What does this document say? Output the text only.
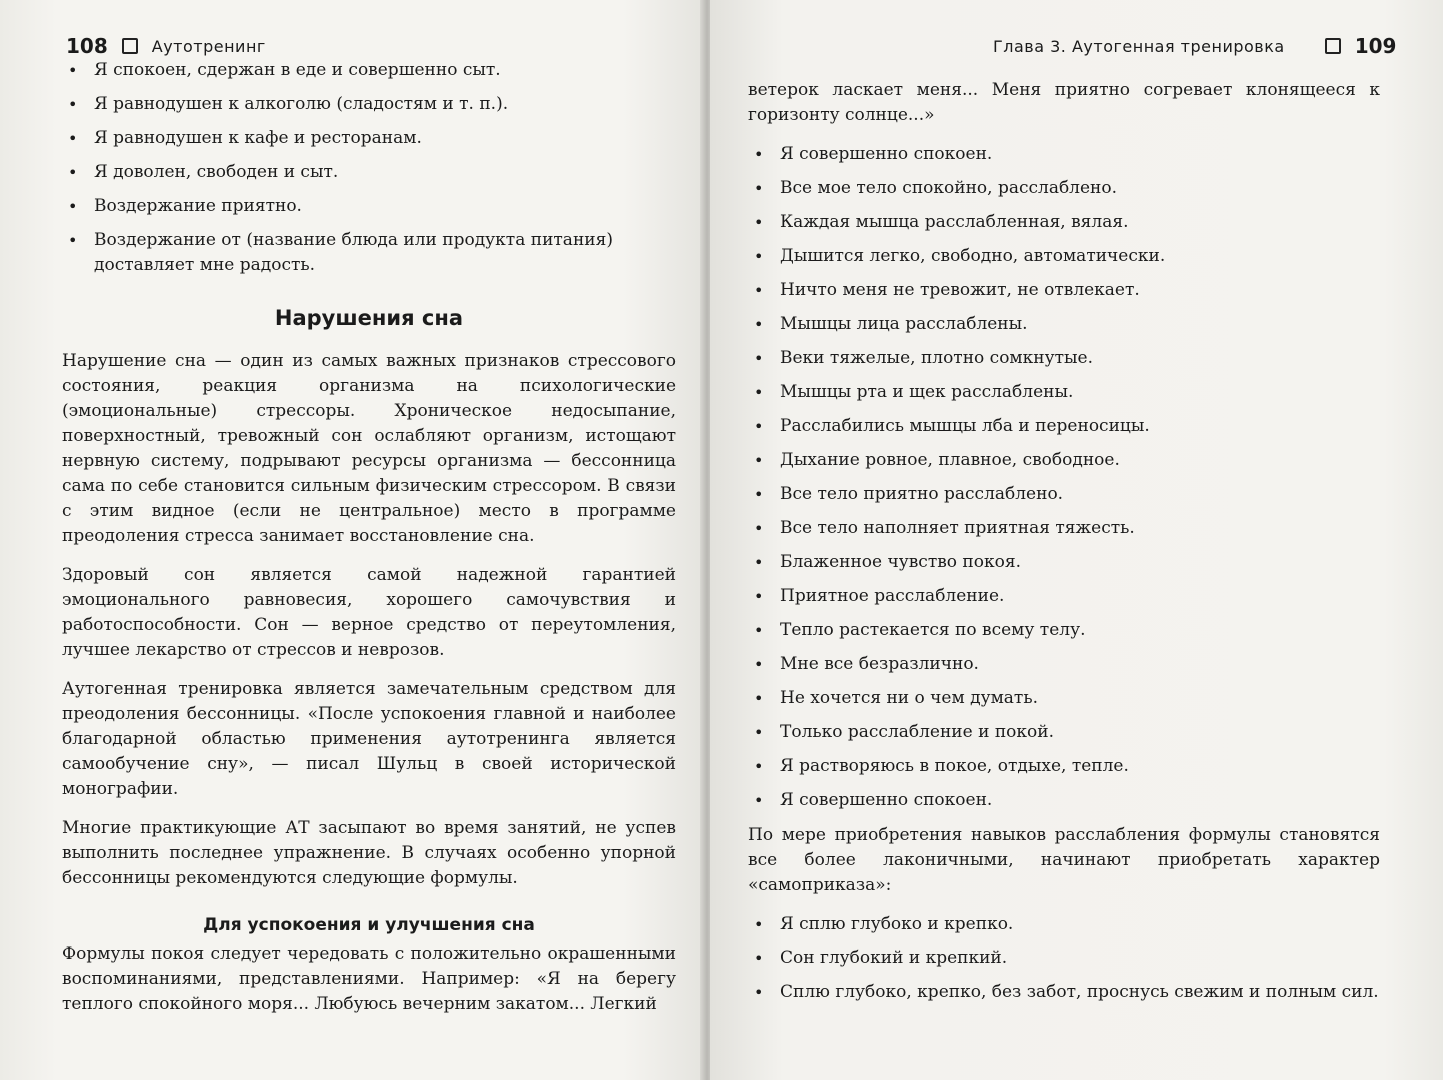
108	Аутотренинг
• Я спокоен, сдержан в еде и совершенно сыт.
• Я равнодушен к алкоголю (сладостям и т. п.).
• Я равнодушен к кафе и ресторанам.
• Я доволен, свободен и сыт.
• Воздержание приятно.
• Воздержание от (название блюда или продукта питания) доставляет мне радость.
Нарушения сна

Нарушение сна — один из самых важных признаков стрессового состояния, реакция организма на психологические (эмоциональные) стрессоры. Хроническое недосыпание, поверхностный, тревожный сон ослабляют организм, истощают нервную систему, подрывают ресурсы организма — бессонница сама по себе становится сильным физическим стрессором. В связи с этим видное (если не центральное) место в программе преодоления стресса занимает восстановление сна.

Здоровый сон является самой надежной гарантией эмоционального равновесия, хорошего самочувствия и работоспособности. Сон — верное средство от переутомления, лучшее лекарство от стрессов и неврозов.

Аутогенная тренировка является замечательным средством для преодоления бессонницы. «После успокоения главной и наиболее благодарной областью применения аутотренинга является самообучение сну», — писал Шульц в своей исторической монографии.

Многие практикующие АТ засыпают во время занятий, не успев выполнить последнее упражнение. В случаях особенно упорной бессонницы рекомендуются следующие формулы.

Для успокоения и улучшения сна

Формулы покоя следует чередовать с положительно окрашенными воспоминаниями, представлениями. Например: «Я на берегу теплого спокойного моря... Любуюсь вечерним закатом... Легкий

Глава 3. Аутогенная тренировка	109

ветерок ласкает меня... Меня приятно согревает клонящееся к горизонту солнце...»

• Я совершенно спокоен.
• Все мое тело спокойно, расслаблено.
• Каждая мышца расслабленная, вялая.
• Дышится легко, свободно, автоматически.
• Ничто меня не тревожит, не отвлекает.
• Мышцы лица расслаблены.
• Веки тяжелые, плотно сомкнутые.
• Мышцы рта и щек расслаблены.
• Расслабились мышцы лба и переносицы.
• Дыхание ровное, плавное, свободное.
• Все тело приятно расслаблено.
• Все тело наполняет приятная тяжесть.
• Блаженное чувство покоя.
• Приятное расслабление.
• Тепло растекается по всему телу.
• Мне все безразлично.
• Не хочется ни о чем думать.
• Только расслабление и покой.
• Я растворяюсь в покое, отдыхе, тепле.
• Я совершенно спокоен.

По мере приобретения навыков расслабления формулы становятся все более лаконичными, начинают приобретать характер «самоприказа»:

• Я сплю глубоко и крепко.
• Сон глубокий и крепкий.
• Сплю глубоко, крепко, без забот, проснусь свежим и полным сил.
